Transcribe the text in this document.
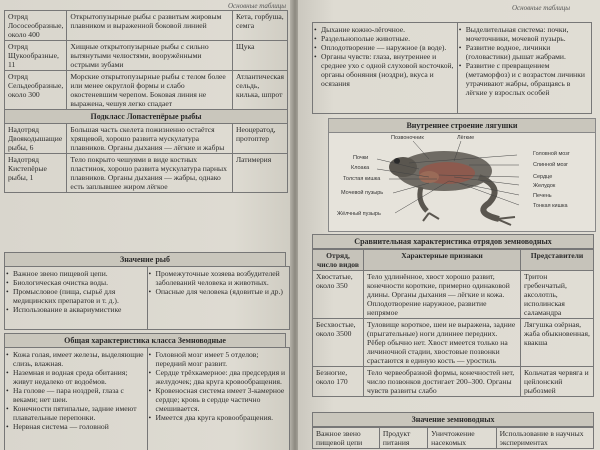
Основные таблицы
Отряд Лососеобразные, около 400	Открытопузырные рыбы с развитым жировым плавником и выраженной боковой линией	Кета, горбуша, семга
Отряд Щукообразные, 11	Хищные открытопузырные рыбы с сильно вытянутыми челюстями, вооружёнными острыми зубами	Щука
Отряд Сельдеобразные, около 300	Морские открытопузырные рыбы с телом более или менее округлой формы и слабо окостеневшим черепом. Боковая линия не выражена, чешуя легко спадает	Атлантическая сельдь, килька, шпрот
Подкласс Лопастепёрые рыбы		
Надотряд Двоякодышащие рыбы, 6	Большая часть скелета пожизненно остаётся хрящевой, хорошо развита мускулатура плавников. Органы дыхания — лёгкие и жабры	Неоцератод, протоптер
Надотряд Кистепёрые рыбы, 1	Тело покрыто чешуями в виде костных пластинок, хорошо развита мускулатура парных плавников. Органы дыхания — жабры, однако есть заплывшее жиром лёгкое	Латимерия
Значение рыб
• Важное звено пищевой цепи.
• Биологическая очистка воды.
• Промысловое (пища, сырьё для медицинских препаратов и т. д.).
• Использование в аквариумистике
• Промежуточные хозяева возбудителей заболеваний человека и животных.
• Опасные для человека (ядовитые и др.)
Общая характеристика класса Земноводные
• Кожа голая, имеет железы, выделяющие слизь, влажная.
• Наземная и водная среда обитания; живут недалеко от водоёмов.
• На голове — пара ноздрей, глаза с веками; нет шеи.
• Конечности пятипалые, задние имеют плавательные перепонки.
• Нервная система — головной
• Головной мозг имеет 5 отделов; передний мозг развит.
• Сердце трёхкамерное: два предсердия и желудочек; два круга кровообращения.
• Кровеносная система имеет 3-камерное сердце; кровь в сердце частично смешивается.
• Имеется два круга кровообращения.
Основные таблицы
• Дыхание кожно-лёгочное.
• Раздельнополые животные.
• Оплодотворение — наружное (в воде).
• Органы чувств: глаза, внутреннее и среднее ухо с одной слуховой косточкой, органы обоняния (ноздри), вкуса и осязания
• Выделительная система: почки, мочеточники, мочевой пузырь.
• Развитие водное, личинки (головастики) дышат жабрами.
• Развитие с превращением (метаморфоз) и с возрастом личинки утрачивают жабры, обращаясь в лёгкие у взрослых особей
Внутреннее строение лягушки
Позвоночник	Лёгкие
Почки
Клоака
Толстая кишка
Мочевой пузырь
Жёлчный пузырь
Головной мозг
Спинной мозг
Сердце
Желудок
Печень
Тонкая кишка
Сравнительная характеристика отрядов земноводных
Отряд, число видов	Характерные признаки	Представители
Хвостатые, около 350	Тело удлинённое, хвост хорошо развит, конечности короткие, примерно одинаковой длины. Органы дыхания — лёгкие и кожа. Оплодотворение наружное, развитие непрямое	Тритон гребенчатый, аксолотль, исполинская саламандра
Бесхвостые, около 3500	Туловище короткое, шеи не выражена, задние (прыгательные) ноги длиннее передних. Рёбер обычно нет. Хвост имеется только на личиночной стадии, хвостовые позвонки срастаются в единую кость — уростиль	Лягушка озёрная, жаба обыкновенная, квакша
Безногие, около 170	Тело червеобразной формы, конечностей нет, число позвонков достигает 200–300. Органы чувств развиты слабо	Кольчатая червяга и цейлонский рыбозмей
Значение земноводных
Важное звено пищевой цепи	Продукт питания	Уничтожение насекомых	Использование в научных экспериментах
